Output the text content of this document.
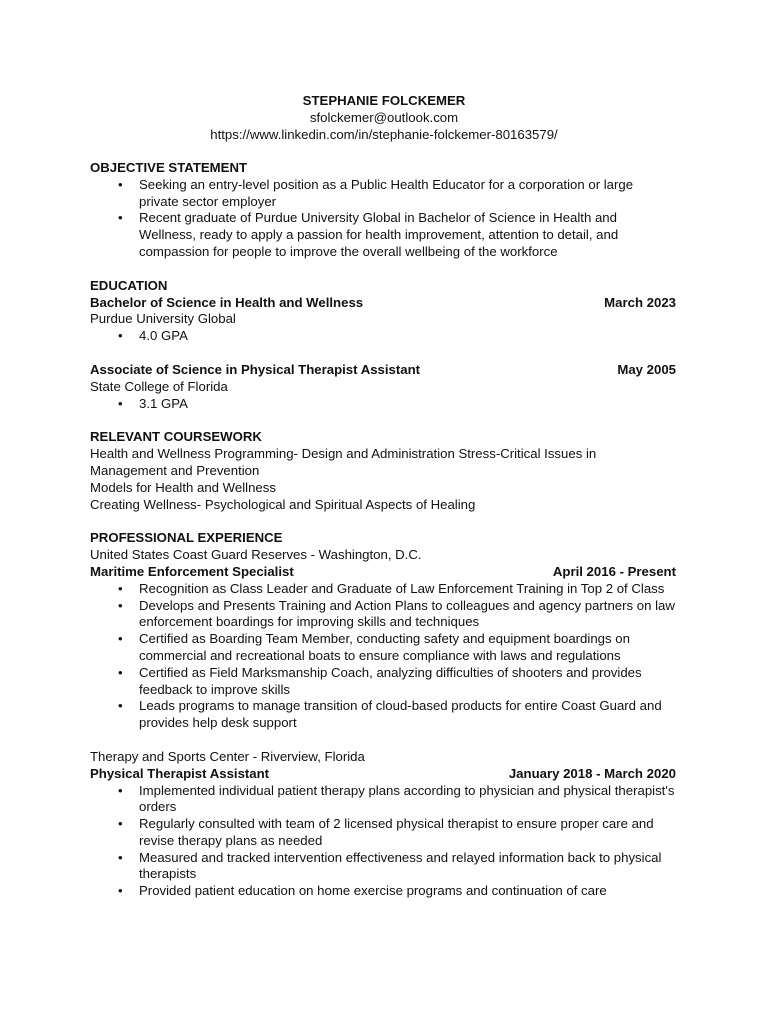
STEPHANIE FOLCKEMER
sfolckemer@outlook.com
https://www.linkedin.com/in/stephanie-folckemer-80163579/
OBJECTIVE STATEMENT
• Seeking an entry-level position as a Public Health Educator for a corporation or large private sector employer
• Recent graduate of Purdue University Global in Bachelor of Science in Health and Wellness, ready to apply a passion for health improvement, attention to detail, and compassion for people to improve the overall wellbeing of the workforce
EDUCATION
Bachelor of Science in Health and Wellness	March 2023
Purdue University Global
• 4.0 GPA
Associate of Science in Physical Therapist Assistant	May 2005
State College of Florida
• 3.1 GPA
RELEVANT COURSEWORK
Health and Wellness Programming- Design and Administration Stress-Critical Issues in Management and Prevention
Models for Health and Wellness
Creating Wellness- Psychological and Spiritual Aspects of Healing
PROFESSIONAL EXPERIENCE
United States Coast Guard Reserves - Washington, D.C.
Maritime Enforcement Specialist	April 2016 - Present
• Recognition as Class Leader and Graduate of Law Enforcement Training in Top 2 of Class
• Develops and Presents Training and Action Plans to colleagues and agency partners on law enforcement boardings for improving skills and techniques
• Certified as Boarding Team Member, conducting safety and equipment boardings on commercial and recreational boats to ensure compliance with laws and regulations
• Certified as Field Marksmanship Coach, analyzing difficulties of shooters and provides feedback to improve skills
• Leads programs to manage transition of cloud-based products for entire Coast Guard and provides help desk support
Therapy and Sports Center - Riverview, Florida
Physical Therapist Assistant	January 2018 - March 2020
• Implemented individual patient therapy plans according to physician and physical therapist's orders
• Regularly consulted with team of 2 licensed physical therapist to ensure proper care and revise therapy plans as needed
• Measured and tracked intervention effectiveness and relayed information back to physical therapists
• Provided patient education on home exercise programs and continuation of care
